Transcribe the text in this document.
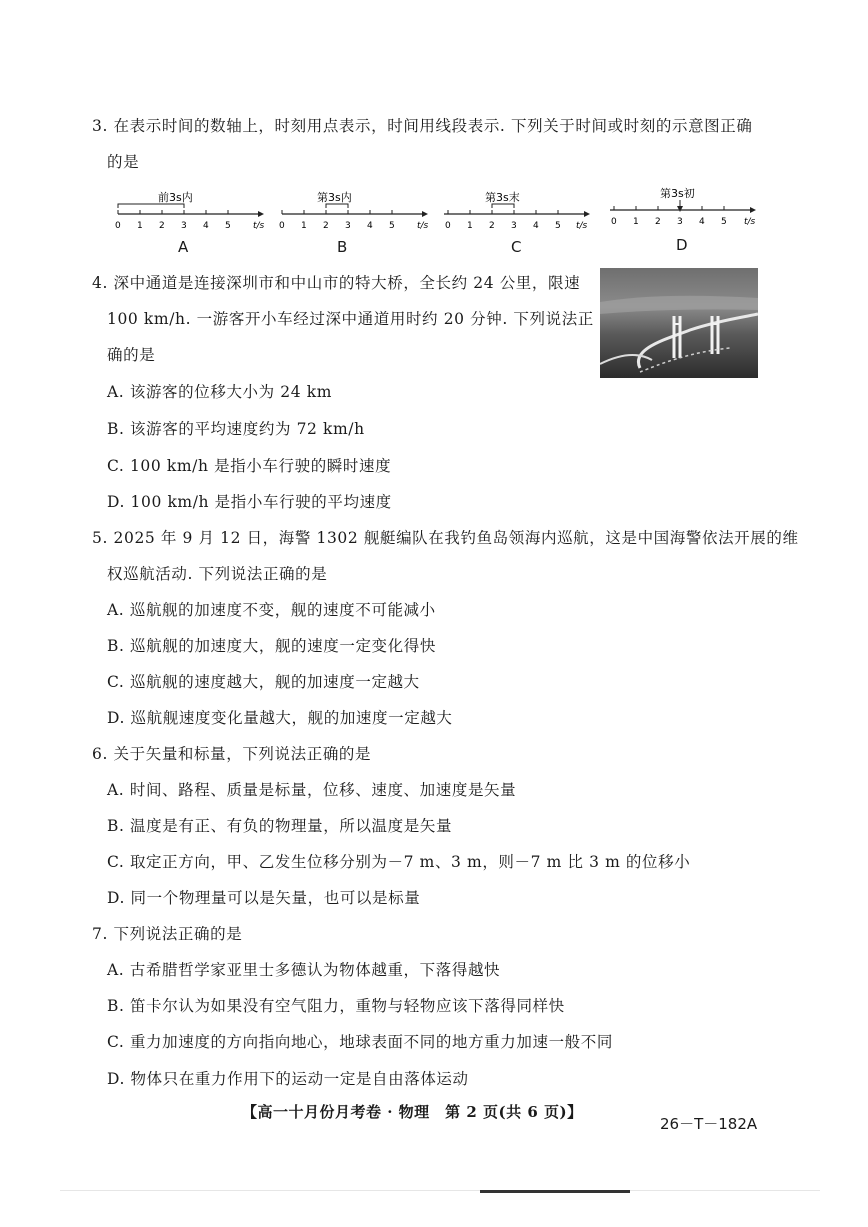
3. 在表示时间的数轴上，时刻用点表示，时间用线段表示. 下列关于时间或时刻的示意图正确
的是
前3s内
0 1 2 3 4 5 t/s
A
第3s内
0 1 2 3 4 5 t/s
B
第3s末
0 1 2 3 4 5 t/s
C
第3s初
0 1 2 3 4 5 t/s
D
4. 深中通道是连接深圳市和中山市的特大桥，全长约 24 公里，限速
100 km/h. 一游客开小车经过深中通道用时约 20 分钟. 下列说法正
确的是
A. 该游客的位移大小为 24 km
B. 该游客的平均速度约为 72 km/h
C. 100 km/h 是指小车行驶的瞬时速度
D. 100 km/h 是指小车行驶的平均速度
5. 2025 年 9 月 12 日，海警 1302 舰艇编队在我钓鱼岛领海内巡航，这是中国海警依法开展的维
权巡航活动. 下列说法正确的是
A. 巡航舰的加速度不变，舰的速度不可能减小
B. 巡航舰的加速度大，舰的速度一定变化得快
C. 巡航舰的速度越大，舰的加速度一定越大
D. 巡航舰速度变化量越大，舰的加速度一定越大
6. 关于矢量和标量，下列说法正确的是
A. 时间、路程、质量是标量，位移、速度、加速度是矢量
B. 温度是有正、有负的物理量，所以温度是矢量
C. 取定正方向，甲、乙发生位移分别为－7 m、3 m，则－7 m 比 3 m 的位移小
D. 同一个物理量可以是矢量，也可以是标量
7. 下列说法正确的是
A. 古希腊哲学家亚里士多德认为物体越重，下落得越快
B. 笛卡尔认为如果没有空气阻力，重物与轻物应该下落得同样快
C. 重力加速度的方向指向地心，地球表面不同的地方重力加速一般不同
D. 物体只在重力作用下的运动一定是自由落体运动
【高一十月份月考卷 · 物理　第 2 页(共 6 页)】
26－T－182A
